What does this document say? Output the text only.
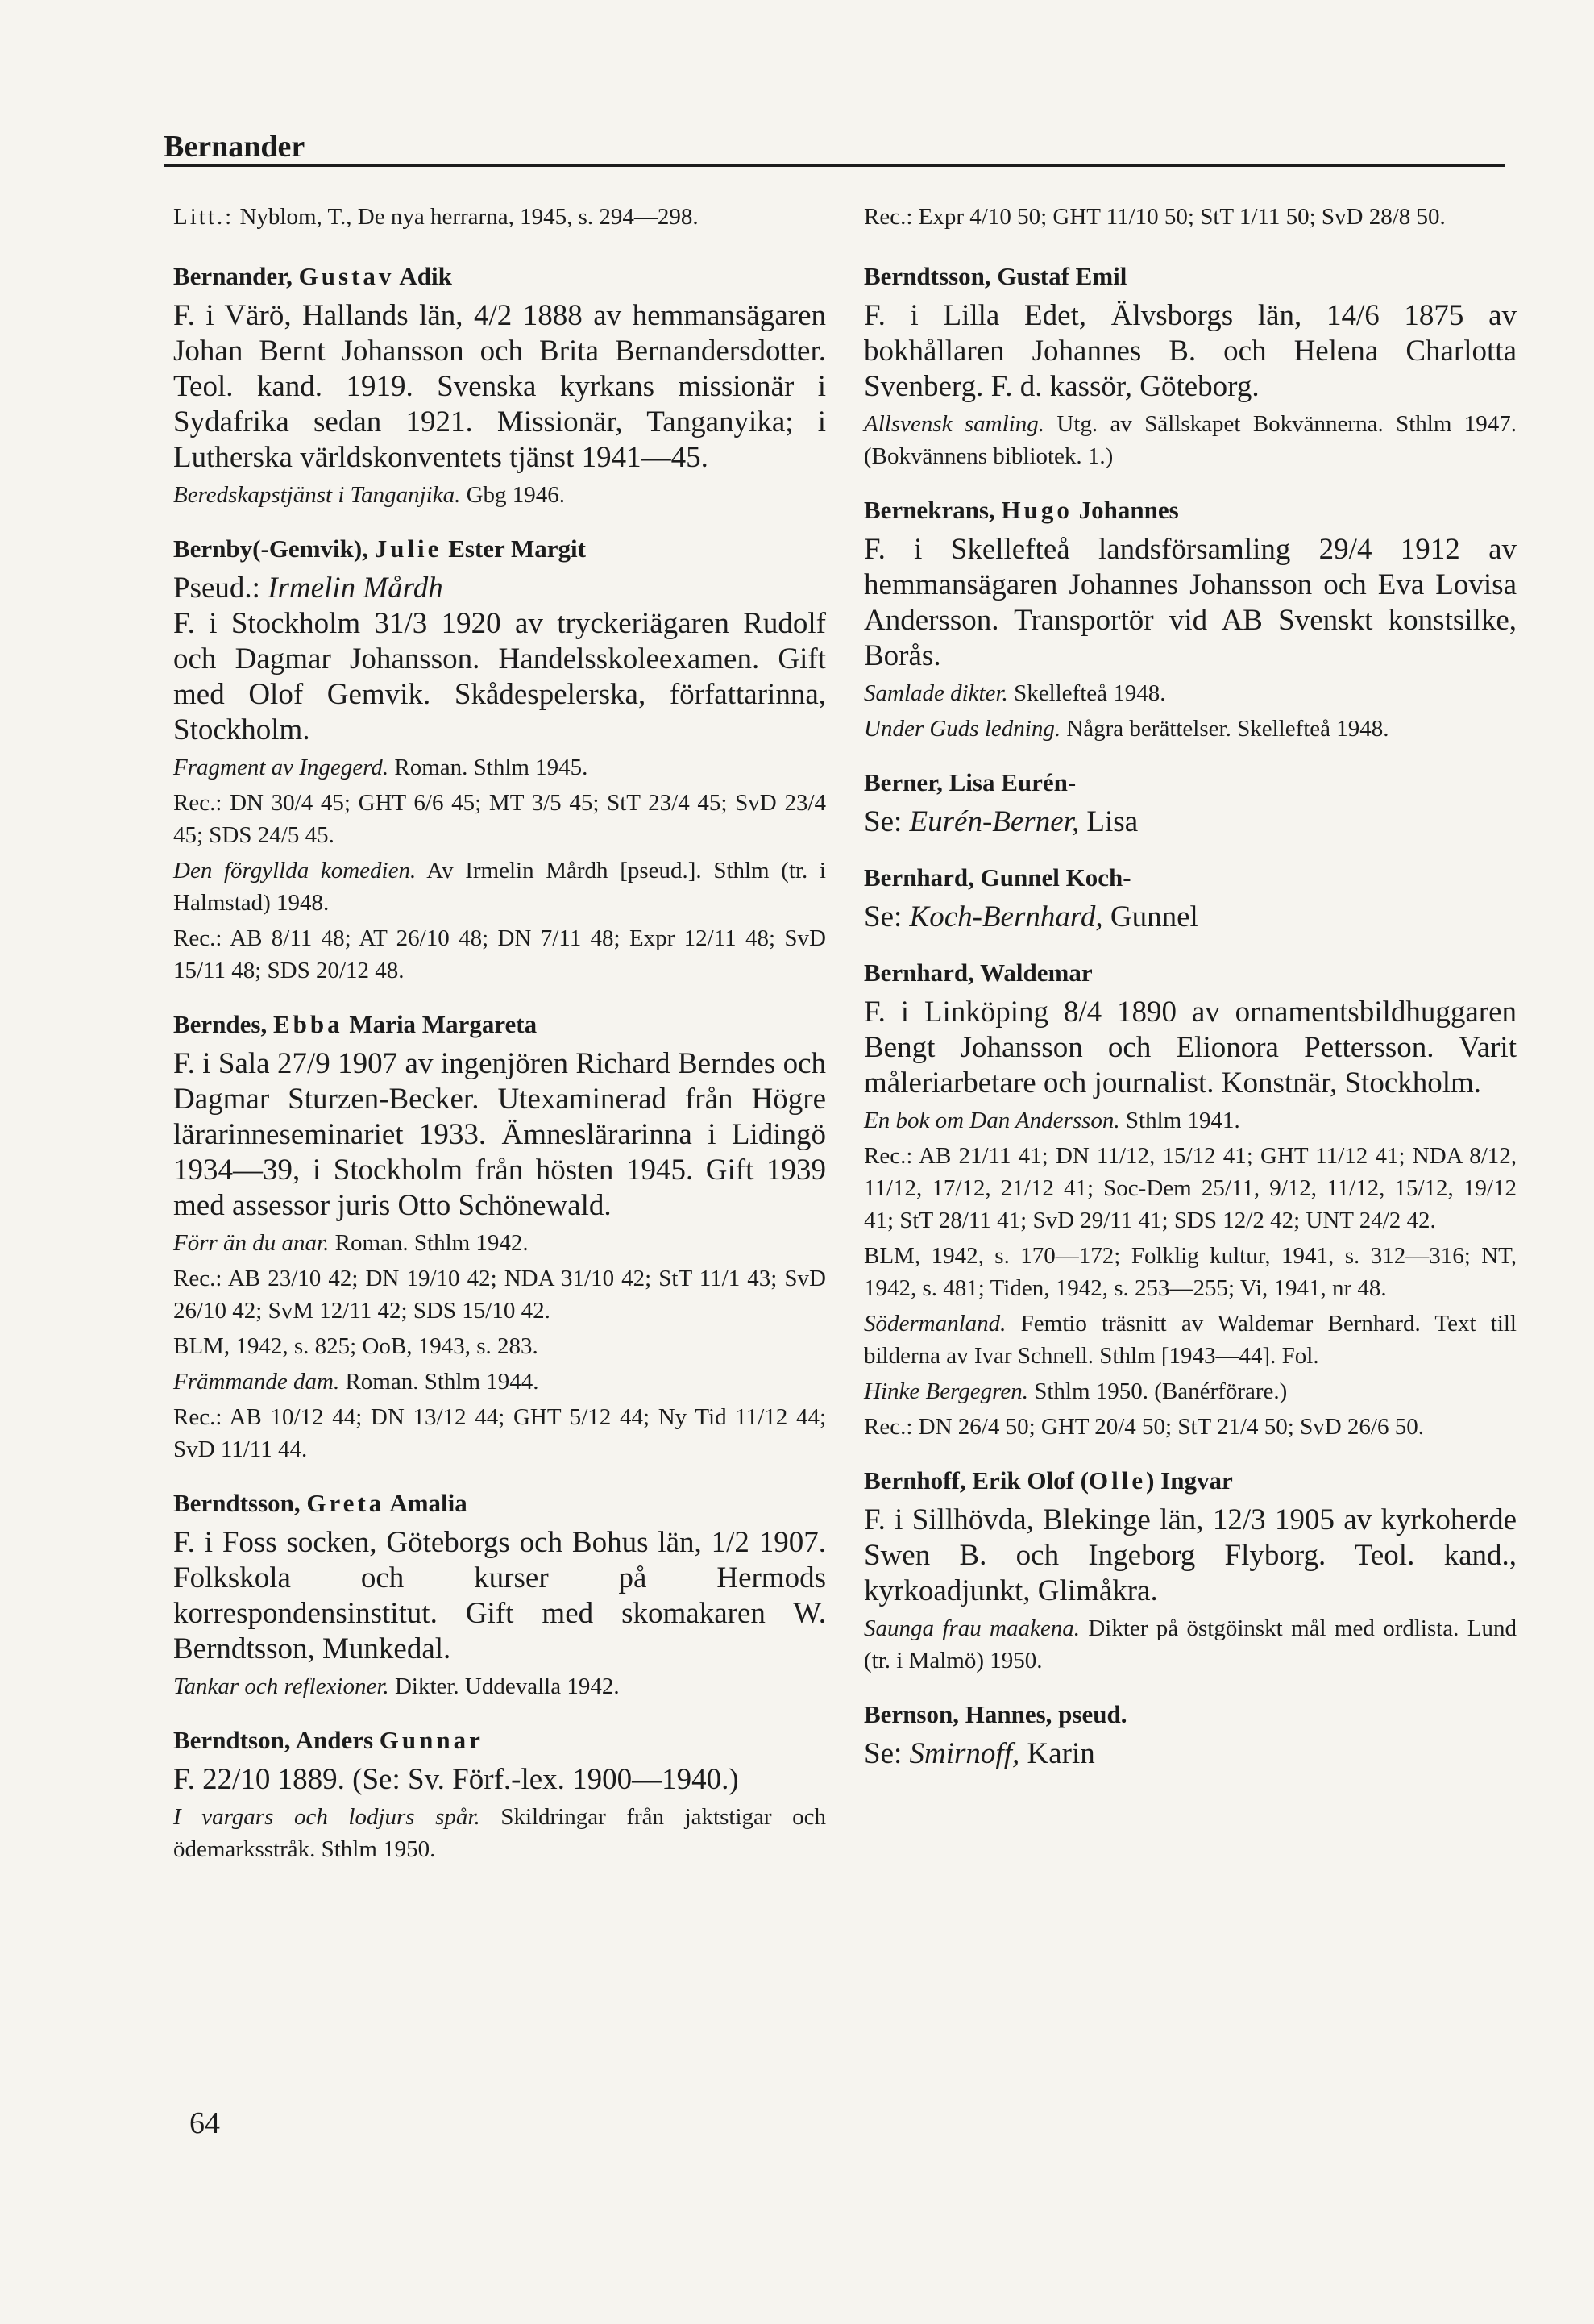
Bernander

Litt.: Nyblom, T., De nya herrarna, 1945, s. 294—298.

Bernander, Gustav Adik

F. i Värö, Hallands län, 4/2 1888 av hemmansägaren Johan Bernt Johansson och Brita Bernandersdotter. Teol. kand. 1919. Svenska kyrkans missionär i Sydafrika sedan 1921. Missionär, Tanganyika; i Lutherska världskonventets tjänst 1941—45.

Beredskapstjänst i Tanganjika. Gbg 1946.

Bernby(-Gemvik), Julie Ester Margit

Pseud.: Irmelin Mårdh

F. i Stockholm 31/3 1920 av tryckeriägaren Rudolf och Dagmar Johansson. Handelsskoleexamen. Gift med Olof Gemvik. Skådespelerska, författarinna, Stockholm.

Fragment av Ingegerd. Roman. Sthlm 1945.

Rec.: DN 30/4 45; GHT 6/6 45; MT 3/5 45; StT 23/4 45; SvD 23/4 45; SDS 24/5 45.

Den förgyllda komedien. Av Irmelin Mårdh [pseud.]. Sthlm (tr. i Halmstad) 1948.

Rec.: AB 8/11 48; AT 26/10 48; DN 7/11 48; Expr 12/11 48; SvD 15/11 48; SDS 20/12 48.

Berndes, Ebba Maria Margareta

F. i Sala 27/9 1907 av ingenjören Richard Berndes och Dagmar Sturzen-Becker. Utexaminerad från Högre lärarinneseminariet 1933. Ämneslärarinna i Lidingö 1934—39, i Stockholm från hösten 1945. Gift 1939 med assessor juris Otto Schönewald.

Förr än du anar. Roman. Sthlm 1942.

Rec.: AB 23/10 42; DN 19/10 42; NDA 31/10 42; StT 11/1 43; SvD 26/10 42; SvM 12/11 42; SDS 15/10 42.

BLM, 1942, s. 825; OoB, 1943, s. 283.

Främmande dam. Roman. Sthlm 1944.

Rec.: AB 10/12 44; DN 13/12 44; GHT 5/12 44; Ny Tid 11/12 44; SvD 11/11 44.

Berndtsson, Greta Amalia

F. i Foss socken, Göteborgs och Bohus län, 1/2 1907. Folkskola och kurser på Hermods korrespondensinstitut. Gift med skomakaren W. Berndtsson, Munkedal.

Tankar och reflexioner. Dikter. Uddevalla 1942.

Berndtson, Anders Gunnar

F. 22/10 1889. (Se: Sv. Förf.-lex. 1900—1940.)

I vargars och lodjurs spår. Skildringar från jaktstigar och ödemarksstråk. Sthlm 1950.

Rec.: Expr 4/10 50; GHT 11/10 50; StT 1/11 50; SvD 28/8 50.

Berndtsson, Gustaf Emil

F. i Lilla Edet, Älvsborgs län, 14/6 1875 av bokhållaren Johannes B. och Helena Charlotta Svenberg. F. d. kassör, Göteborg.

Allsvensk samling. Utg. av Sällskapet Bokvännerna. Sthlm 1947. (Bokvännens bibliotek. 1.)

Bernekrans, Hugo Johannes

F. i Skellefteå landsförsamling 29/4 1912 av hemmansägaren Johannes Johansson och Eva Lovisa Andersson. Transportör vid AB Svenskt konstsilke, Borås.

Samlade dikter. Skellefteå 1948.

Under Guds ledning. Några berättelser. Skellefteå 1948.

Berner, Lisa Eurén-

Se: Eurén-Berner, Lisa

Bernhard, Gunnel Koch-

Se: Koch-Bernhard, Gunnel

Bernhard, Waldemar

F. i Linköping 8/4 1890 av ornamentsbildhuggaren Bengt Johansson och Elionora Pettersson. Varit måleriarbetare och journalist. Konstnär, Stockholm.

En bok om Dan Andersson. Sthlm 1941.

Rec.: AB 21/11 41; DN 11/12, 15/12 41; GHT 11/12 41; NDA 8/12, 11/12, 17/12, 21/12 41; Soc-Dem 25/11, 9/12, 11/12, 15/12, 19/12 41; StT 28/11 41; SvD 29/11 41; SDS 12/2 42; UNT 24/2 42.

BLM, 1942, s. 170—172; Folklig kultur, 1941, s. 312—316; NT, 1942, s. 481; Tiden, 1942, s. 253—255; Vi, 1941, nr 48.

Södermanland. Femtio träsnitt av Waldemar Bernhard. Text till bilderna av Ivar Schnell. Sthlm [1943—44]. Fol.

Hinke Bergegren. Sthlm 1950. (Banérförare.)

Rec.: DN 26/4 50; GHT 20/4 50; StT 21/4 50; SvD 26/6 50.

Bernhoff, Erik Olof (Olle) Ingvar

F. i Sillhövda, Blekinge län, 12/3 1905 av kyrkoherde Swen B. och Ingeborg Flyborg. Teol. kand., kyrkoadjunkt, Glimåkra.

Saunga frau maakena. Dikter på östgöinskt mål med ordlista. Lund (tr. i Malmö) 1950.

Bernson, Hannes, pseud.

Se: Smirnoff, Karin

64
